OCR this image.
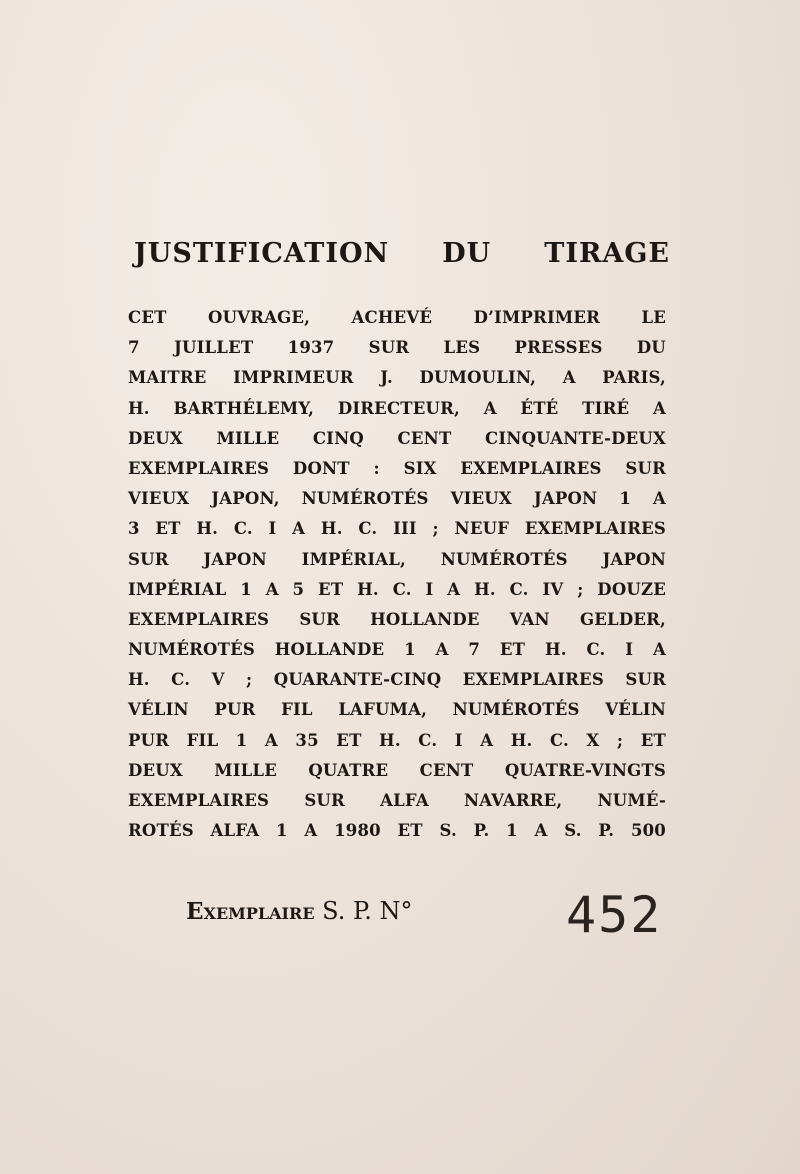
JUSTIFICATION DU TIRAGE
CET OUVRAGE, ACHEVÉ D’IMPRIMER LE
7 JUILLET 1937 SUR LES PRESSES DU
MAITRE IMPRIMEUR J. DUMOULIN, A PARIS,
H. BARTHÉLEMY, DIRECTEUR, A ÉTÉ TIRÉ A
DEUX MILLE CINQ CENT CINQUANTE-DEUX
EXEMPLAIRES DONT : SIX EXEMPLAIRES SUR
VIEUX JAPON, NUMÉROTÉS VIEUX JAPON 1 A
3 ET H. C. I A H. C. III ; NEUF EXEMPLAIRES
SUR JAPON IMPÉRIAL, NUMÉROTÉS JAPON
IMPÉRIAL 1 A 5 ET H. C. I A H. C. IV ; DOUZE
EXEMPLAIRES SUR HOLLANDE VAN GELDER,
NUMÉROTÉS HOLLANDE 1 A 7 ET H. C. I A
H. C. V ; QUARANTE-CINQ EXEMPLAIRES SUR
VÉLIN PUR FIL LAFUMA, NUMÉROTÉS VÉLIN
PUR FIL 1 A 35 ET H. C. I A H. C. X ; ET
DEUX MILLE QUATRE CENT QUATRE-VINGTS
EXEMPLAIRES SUR ALFA NAVARRE, NUMÉ-
ROTÉS ALFA 1 A 1980 ET S. P. 1 A S. P. 500
Exemplaire S. P. N°	452
